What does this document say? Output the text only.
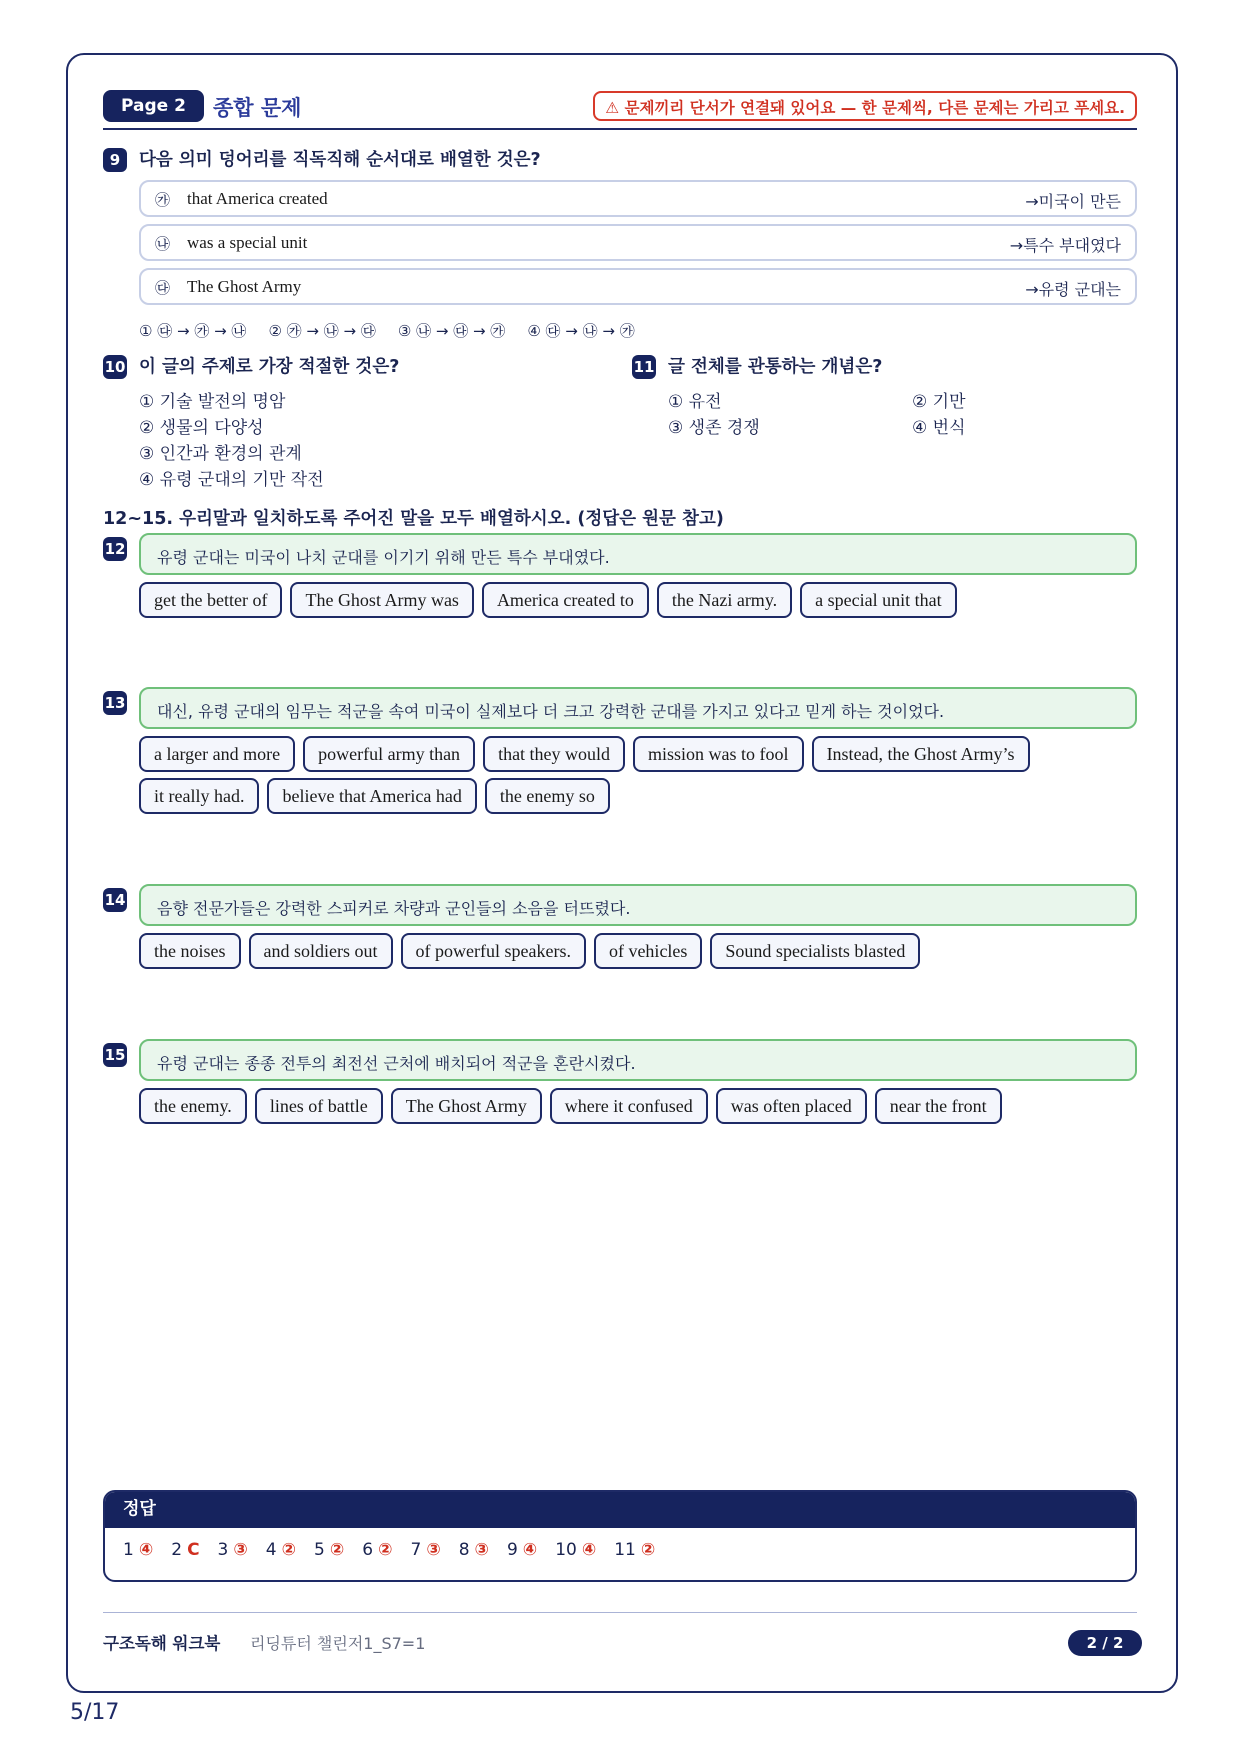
Page 2	종합 문제	⚠ 문제끼리 단서가 연결돼 있어요 — 한 문제씩, 다른 문제는 가리고 푸세요.
9	다음 의미 덩어리를 직독직해 순서대로 배열한 것은?
㉮ that America created	→미국이 만든
㉯ was a special unit	→특수 부대였다
㉰ The Ghost Army	→유령 군대는
① ㉰ → ㉮ → ㉯ ② ㉮ → ㉯ → ㉰ ③ ㉯ → ㉰ → ㉮ ④ ㉰ → ㉯ → ㉮
10 이 글의 주제로 가장 적절한 것은?
① 기술 발전의 명암
② 생물의 다양성
③ 인간과 환경의 관계
④ 유령 군대의 기만 작전
11 글 전체를 관통하는 개념은?
① 유전	② 기만
③ 생존 경쟁	④ 번식
12~15. 우리말과 일치하도록 주어진 말을 모두 배열하시오. (정답은 원문 참고)
12	유령 군대는 미국이 나치 군대를 이기기 위해 만든 특수 부대였다.
get the better of	The Ghost Army was	America created to	the Nazi army.	a special unit that
13	대신, 유령 군대의 임무는 적군을 속여 미국이 실제보다 더 크고 강력한 군대를 가지고 있다고 믿게 하는 것이었다.
a larger and more	powerful army than	that they would	mission was to fool	Instead, the Ghost Army’s
it really had.	believe that America had	the enemy so
14	음향 전문가들은 강력한 스피커로 차량과 군인들의 소음을 터뜨렸다.
the noises	and soldiers out	of powerful speakers.	of vehicles	Sound specialists blasted
15	유령 군대는 종종 전투의 최전선 근처에 배치되어 적군을 혼란시켰다.
the enemy.	lines of battle	The Ghost Army	where it confused	was often placed	near the front
정답
1 ④ 2 C 3 ③ 4 ② 5 ② 6 ② 7 ③ 8 ③ 9 ④ 10 ④ 11 ②
구조독해 워크북 리딩튜터 챌린저1_S7=1	2 / 2
5/17
